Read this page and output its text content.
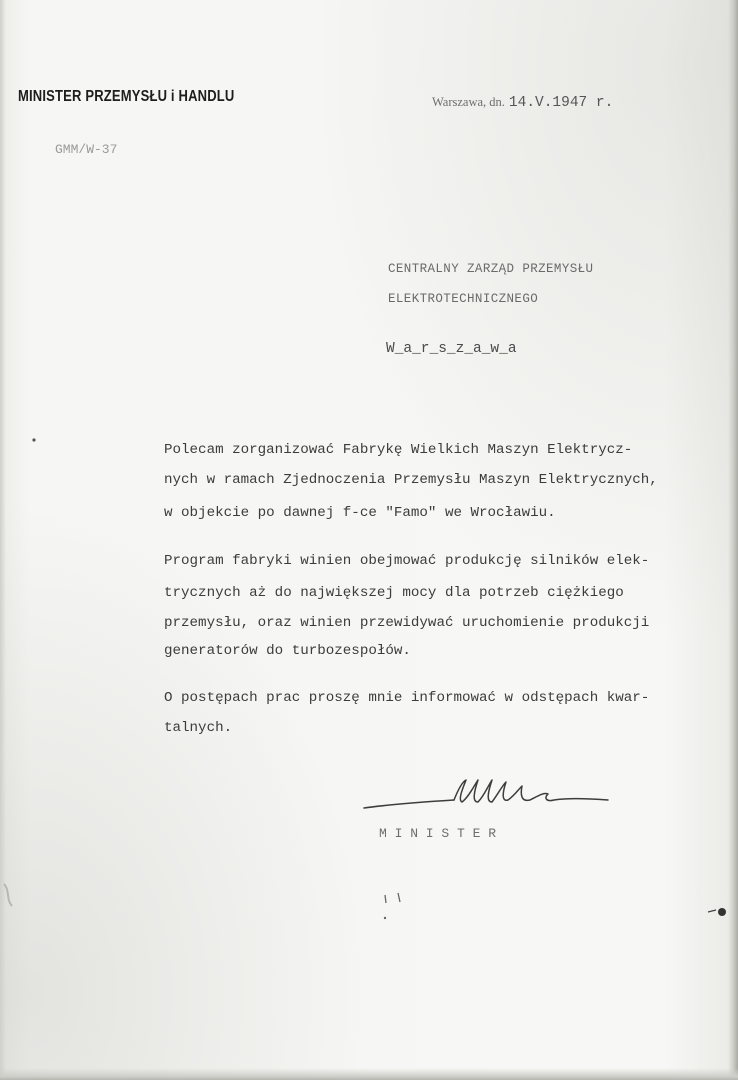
MINISTER PRZEMYSŁU i HANDLU

GMM/W-37

Warszawa, dn. 14.V.1947 r.

CENTRALNY ZARZĄD PRZEMYSŁU

ELEKTROTECHNICZNEGO

W_a_r_s_z_a_w_a

Polecam zorganizować Fabrykę Wielkich Maszyn Elektrycz-

nych w ramach Zjednoczenia Przemysłu Maszyn Elektrycznych,

w objekcie po dawnej f-ce "Famo" we Wrocławiu.

Program fabryki winien obejmować produkcję silników elek-

trycznych aż do największej mocy dla potrzeb ciężkiego

przemysłu, oraz winien przewidywać uruchomienie produkcji

generatorów do turbozespołów.

O postępach prac proszę mnie informować w odstępach kwar-

talnych.

M I N I S T E R
